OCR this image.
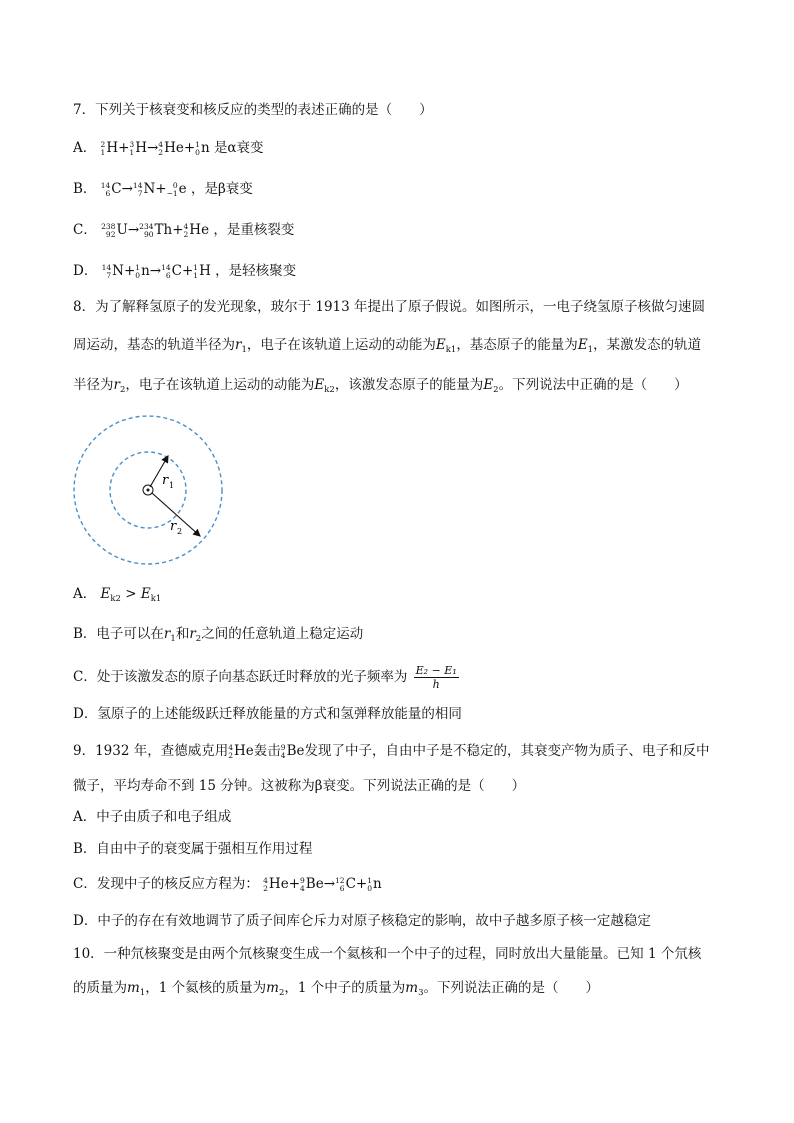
7．下列关于核衰变和核反应的类型的表述正确的是（　　）
A． 2
1 H+ 3
1 H→ 4
2 He+ 1
0 n 是α衰变
B． 14
6 C→ 14
7 N+ 0
−1 e ，是β衰变
C． 238
92 U→ 234
90 Th+ 4
2 He ，是重核裂变
D． 14
7 N+ 1
0 n→ 14
6 C+ 1
1 H ，是轻核聚变
8．为了解释氢原子的发光现象，玻尔于 1913 年提出了原子假说。如图所示，一电子绕氢原子核做匀速圆
周运动，基态的轨道半径为$r_1$，电子在该轨道上运动的动能为$E_{k1}$，基态原子的能量为$E_1$，某激发态的轨道
半径为$r_2$，电子在该轨道上运动的动能为$E_{k2}$，该激发态原子的能量为$E_2$。下列说法中正确的是（　　）
r 1
r 2
A． $E_{k2} > E_{k1}$
B．电子可以在$r_1$和$r_2$之间的任意轨道上稳定运动
C．处于该激发态的原子向基态跃迁时释放的光子频率为 $\frac{\text{E₂ − E₁}}{h}$
D．氢原子的上述能级跃迁释放能量的方式和氢弹释放能量的相同
9．1932 年，查德威克用 4
2 He轰击 9
4 Be发现了中子，自由中子是不稳定的，其衰变产物为质子、电子和反中
微子，平均寿命不到 15 分钟。这被称为β衰变。下列说法正确的是（　　）
A．中子由质子和电子组成
B．自由中子的衰变属于强相互作用过程
C．发现中子的核反应方程为： 4
2 He+ 9
4 Be→ 12
6 C+ 1
0 n
D．中子的存在有效地调节了质子间库仑斥力对原子核稳定的影响，故中子越多原子核一定越稳定
10．一种氘核聚变是由两个氘核聚变生成一个氦核和一个中子的过程，同时放出大量能量。已知 1 个氘核
的质量为$m_1$，1 个氦核的质量为$m_2$，1 个中子的质量为$m_3$。下列说法正确的是（　　）
